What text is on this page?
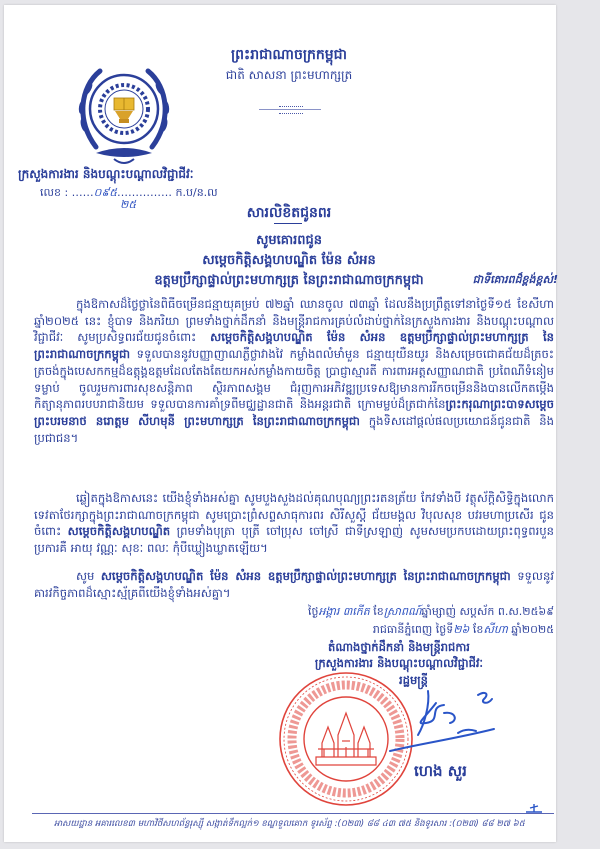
ព្រះរាជាណាចក្រកម្ពុជា
ជាតិ សាសនា ព្រះមហាក្សត្រ
ក្រសួងការងារ និងបណ្តុះបណ្តាលវិជ្ជាជីវៈ
លេខ : ……០៩៥…………… ក.ប/ន.ល
២៥
សារលិខិតជូនពរ
សូមគោរពជូន
សម្តេចកិត្តិសង្គហបណ្ឌិត ម៉ែន សំអន
ឧត្តមប្រឹក្សាផ្ទាល់ព្រះមហាក្សត្រ នៃព្រះរាជាណាចក្រកម្ពុជា	ជាទីគោរពដ៏ខ្ពង់ខ្ពស់!

ក្នុងឱកាសដ៏ថ្លៃថ្លានៃពិធីចម្រើនជន្មាយុគម្រប់ ៧២ឆ្នាំ ឈានចូល ៧៣ឆ្នាំ ដែលនឹងប្រព្រឹត្តទៅនាថ្ងៃទី១៥ ខែសីហា ឆ្នាំ២០២៥ នេះ ខ្ញុំបាទ និងភរិយា ព្រមទាំងថ្នាក់ដឹកនាំ និងមន្ត្រីរាជការគ្រប់លំដាប់ថ្នាក់នៃក្រសួងការងារ និងបណ្តុះបណ្តាលវិជ្ជាជីវៈ សូមប្រសិទ្ធពរជ័យជូនចំពោះ សម្តេចកិត្តិសង្គហបណ្ឌិត ម៉ែន សំអន ឧត្តមប្រឹក្សាផ្ទាល់ព្រះមហាក្សត្រ នៃព្រះរាជាណាចក្រកម្ពុជា ទទួលបាននូវបញ្ញាញាណភ្លឺថ្លាវាងវៃ កម្លាំងពលំមាំមួន ជន្មាយុយឺនយូរ និងសម្រេចជោគជ័យដ៏ត្រចះត្រចង់ក្នុងបេសកកម្មដ៏ឧត្តុង្គឧត្តមដែលតែងតែយកអស់កម្លាំងកាយចិត្ត ប្រាជ្ញាស្មារតី ការពារអត្តសញ្ញាណជាតិ ប្រពៃណីទំនៀមទម្លាប់ ចូលរួមការពារសុខសន្តិភាព ស្ថិរភាពសង្គម ជំរុញការអភិវឌ្ឍប្រទេសឱ្យមានការរីកចម្រើននិងបានលើកតម្កើងកិត្យានុភាពរបបរាជានិយម ទទួលបានការគាំទ្រពីមជ្ឈដ្ឋានជាតិ និងអន្តរជាតិ ក្រោមម្លប់ដ៏ត្រជាក់នៃព្រះករុណាព្រះបាទសម្តេចព្រះបរមនាថ នរោត្តម សីហមុនី ព្រះមហាក្សត្រ នៃព្រះរាជាណាចក្រកម្ពុជា ក្នុងទិសដៅផ្តល់ផលប្រយោជន៍ជូនជាតិ និងប្រជាជន។

ឆ្លៀតក្នុងឱកាសនេះ យើងខ្ញុំទាំងអស់គ្នា សូមបួងសួងដល់គុណបុណ្យព្រះរតនត្រ័យ កែវទាំងបី វត្ថុស័ក្តិសិទ្ធិក្នុងលោក ទេវតាថែរក្សាក្នុងព្រះរាជាណាចក្រកម្ពុជា សូមប្រោះព្រំសព្ទសាធុការពរ សិរីសួស្តី ជ័យមង្គល វិបុលសុខ បវរមហាប្រសើរ ជូនចំពោះ សម្តេចកិត្តិសង្គហបណ្ឌិត ព្រមទាំងបុត្រា បុត្រី ចៅប្រុស ចៅស្រី ជាទីស្រឡាញ់ សូមសមប្រកបដោយព្រះពុទ្ធពរបួនប្រការគឺ អាយុ វណ្ណៈ សុខៈ ពលៈ កុំបីឃ្លៀងឃ្លាតឡើយ។

សូម សម្តេចកិត្តិសង្គហបណ្ឌិត ម៉ែន សំអន ឧត្តមប្រឹក្សាផ្ទាល់ព្រះមហាក្សត្រ នៃព្រះរាជាណាចក្រកម្ពុជា ទទួលនូវគារវកិច្ចភាពដ៏ស្មោះស្ម័គ្រពីយើងខ្ញុំទាំងអស់គ្នា។

ថ្ងៃអង្គារ ៣កើត ខែស្រាពណ៍ឆ្នាំម្សាញ់ សប្តស័ក ព.ស.២៥៦៩
រាជធានីភ្នំពេញ ថ្ងៃទី២៦ ខែសីហា ឆ្នាំ២០២៥
តំណាងថ្នាក់ដឹកនាំ និងមន្ត្រីរាជការ
ក្រសួងការងារ និងបណ្តុះបណ្តាលវិជ្ជាជីវៈ
រដ្ឋមន្ត្រី
ហេង សួរ
អាសយដ្ឋាន អគារលេខ៣ មហាវិថីសហព័ន្ធរុស្ស៊ី សង្កាត់ទឹកល្អក់១ ខណ្ឌទួលគោក ទូរស័ព្ទ :(០២៣) ៨៨ ៤៣ ៧៥ និងទូរសារ :(០២៣) ៨៨ ២៧ ៦៥
